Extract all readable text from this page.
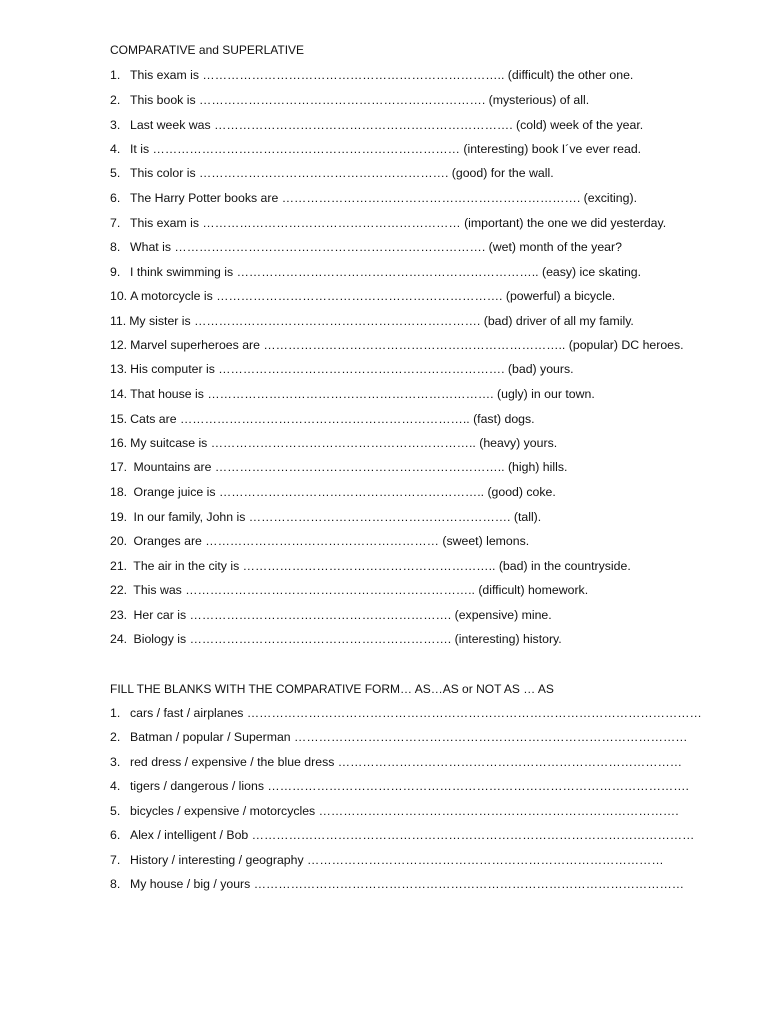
COMPARATIVE and SUPERLATIVE
1. This exam is ……………………………………………………………….. (difficult) the other one.
2. This book is ……………………………………………………………. (mysterious) of all.
3. Last week was ………………………………………………………………. (cold) week of the year.
4. It is ………………………………………………………………… (interesting) book I´ve ever read.
5. This color is ……………………………………………………. (good) for the wall.
6. The Harry Potter books are ………………………………………………………………. (exciting).
7. This exam is ……………………………………………………… (important) the one we did yesterday.
8. What is …………………………………………………………………. (wet) month of the year?
9. I think swimming is ……………………………………………………………….. (easy) ice skating.
10. A motorcycle is ……………………………………………………………. (powerful) a bicycle.
11. My sister is ……………………………………………………………. (bad) driver of all my family.
12. Marvel superheroes are ……………………………………………………………….. (popular) DC heroes.
13. His computer is ……………………………………………………………. (bad) yours.
14. That house is ……………………………………………………………. (ugly) in our town.
15. Cats are …………………………………………………………….. (fast) dogs.
16. My suitcase is ……………………………………………………….. (heavy) yours.
17. Mountains are …………………………………………………………….. (high) hills.
18. Orange juice is ……………………………………………………….. (good) coke.
19. In our family, John is ………………………………………………………. (tall).
20. Oranges are ………………………………………………… (sweet) lemons.
21. The air in the city is …………………………………………………….. (bad) in the countryside.
22. This was …………………………………………………………….. (difficult) homework.
23. Her car is ………………………………………………………. (expensive) mine.
24. Biology is ………………………………………………………. (interesting) history.
FILL THE BLANKS WITH THE COMPARATIVE FORM… AS…AS or NOT AS … AS
1. cars / fast / airplanes …………………………………………………………………………………………………
2. Batman / popular / Superman ……………………………………………………………………………………
3. red dress / expensive / the blue dress …………………………………………………………………………
4. tigers / dangerous / lions ………………………………………………………………………………………….
5. bicycles / expensive / motorcycles …………………………………………………………………………….
6. Alex / intelligent / Bob ………………………………………………………………………………………………
7. History / interesting / geography ……………………………………………………………………………
8. My house / big / yours ……………………………………………………………………………………………
